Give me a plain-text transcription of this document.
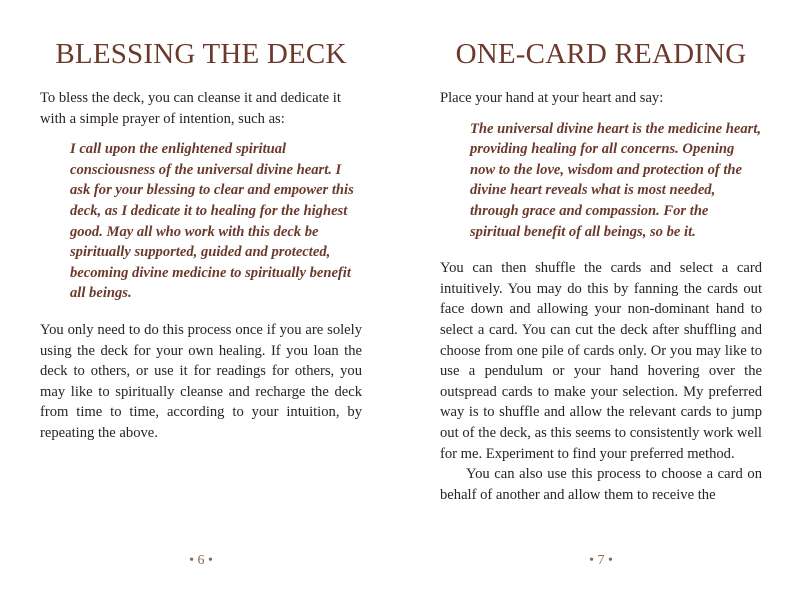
BLESSING THE DECK

To bless the deck, you can cleanse it and dedicate it with a simple prayer of intention, such as:

I call upon the enlightened spiritual consciousness of the universal divine heart. I ask for your blessing to clear and empower this deck, as I dedicate it to healing for the highest good. May all who work with this deck be spiritually supported, guided and protected, becoming divine medicine to spiritually benefit all beings.

You only need to do this process once if you are solely using the deck for your own healing. If you loan the deck to others, or use it for readings for others, you may like to spiritually cleanse and recharge the deck from time to time, according to your intuition, by repeating the above.

• 6 •
ONE-CARD READING

Place your hand at your heart and say:

The universal divine heart is the medicine heart, providing healing for all concerns. Opening now to the love, wisdom and protection of the divine heart reveals what is most needed, through grace and compassion. For the spiritual benefit of all beings, so be it.

You can then shuffle the cards and select a card intuitively. You may do this by fanning the cards out face down and allowing your non-dominant hand to select a card. You can cut the deck after shuffling and choose from one pile of cards only. Or you may like to use a pendulum or your hand hovering over the outspread cards to make your selection. My preferred way is to shuffle and allow the relevant cards to jump out of the deck, as this seems to consistently work well for me. Experiment to find your preferred method.

You can also use this process to choose a card on behalf of another and allow them to receive the

• 7 •
